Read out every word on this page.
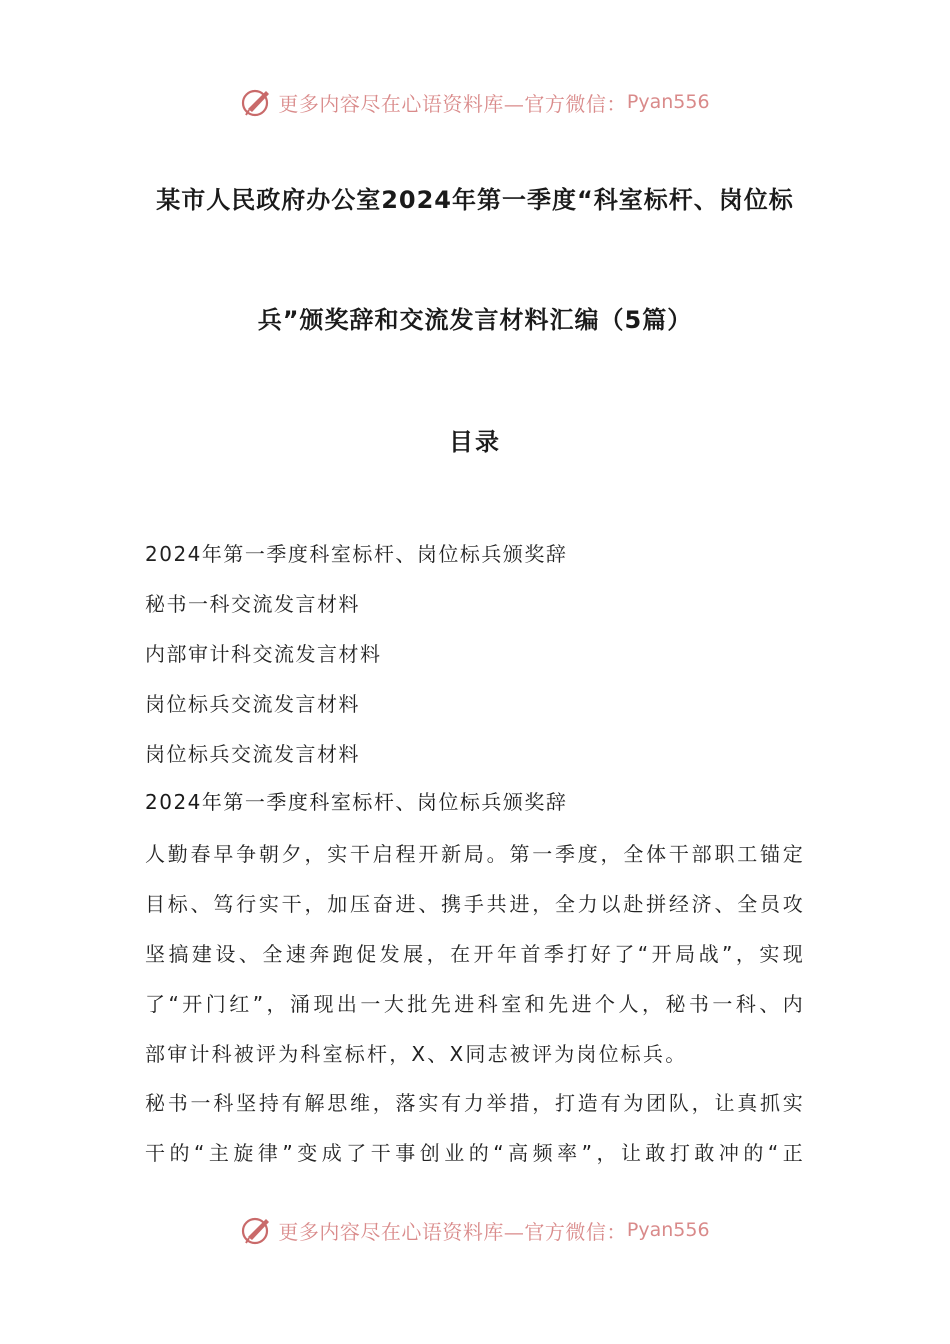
更多内容尽在心语资料库—官方微信： Pyan556
某市人民政府办公室2024年第一季度“科室标杆、岗位标
兵”颁奖辞和交流发言材料汇编（5篇）
目录
2024年第一季度科室标杆、岗位标兵颁奖辞
秘书一科交流发言材料
内部审计科交流发言材料
岗位标兵交流发言材料
岗位标兵交流发言材料
2024年第一季度科室标杆、岗位标兵颁奖辞
人勤春早争朝夕，实干启程开新局。第一季度，全体干部职工锚定
目标、笃行实干，加压奋进、携手共进，全力以赴拼经济、全员攻
坚搞建设、全速奔跑促发展，在开年首季打好了“开局战”，实现
了“开门红”，涌现出一大批先进科室和先进个人，秘书一科、内
部审计科被评为科室标杆，X、X同志被评为岗位标兵。
秘书一科坚持有解思维，落实有力举措，打造有为团队，让真抓实
干的“主旋律”变成了干事创业的“高频率”，让敢打敢冲的“正
更多内容尽在心语资料库—官方微信： Pyan556
